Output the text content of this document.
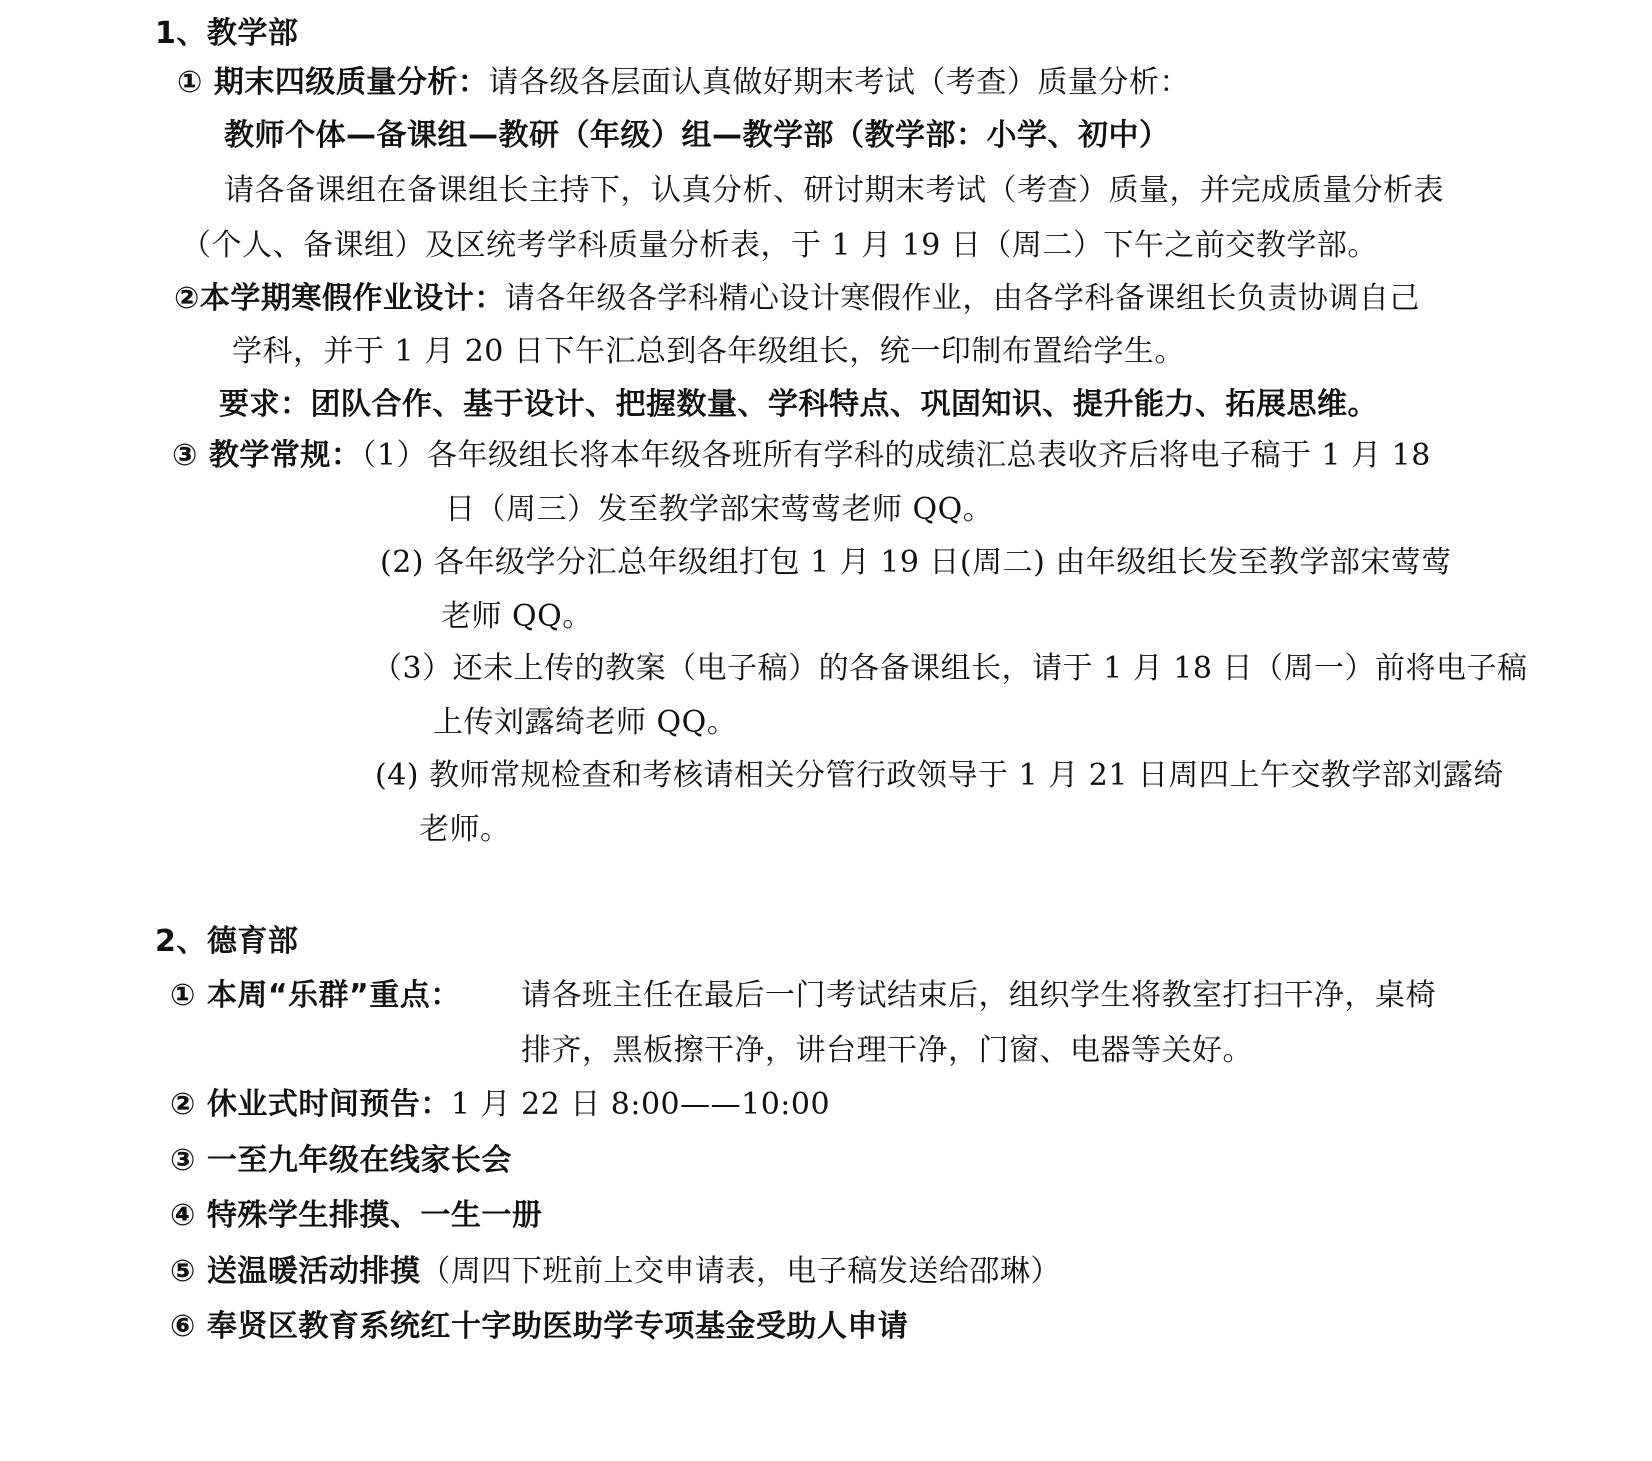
1、教学部
① 期末四级质量分析：请各级各层面认真做好期末考试（考查）质量分析：
教师个体—备课组—教研（年级）组—教学部（教学部：小学、初中）
请各备课组在备课组长主持下，认真分析、研讨期末考试（考查）质量，并完成质量分析表
（个人、备课组）及区统考学科质量分析表，于 1 月 19 日（周二）下午之前交教学部。
②本学期寒假作业设计：请各年级各学科精心设计寒假作业，由各学科备课组长负责协调自己
学科，并于 1 月 20 日下午汇总到各年级组长，统一印制布置给学生。
要求：团队合作、基于设计、把握数量、学科特点、巩固知识、提升能力、拓展思维。
③ 教学常规：（1）各年级组长将本年级各班所有学科的成绩汇总表收齐后将电子稿于 1 月 18
日（周三）发至教学部宋莺莺老师 QQ。
(2) 各年级学分汇总年级组打包 1 月 19 日(周二) 由年级组长发至教学部宋莺莺
老师 QQ。
（3）还未上传的教案（电子稿）的各备课组长，请于 1 月 18 日（周一）前将电子稿
上传刘露绮老师 QQ。
(4) 教师常规检查和考核请相关分管行政领导于 1 月 21 日周四上午交教学部刘露绮
老师。
2、德育部
① 本周“乐群”重点： 请各班主任在最后一门考试结束后，组织学生将教室打扫干净，桌椅
排齐，黑板擦干净，讲台理干净，门窗、电器等关好。
② 休业式时间预告：1 月 22 日 8:00——10:00
③ 一至九年级在线家长会
④ 特殊学生排摸、一生一册
⑤ 送温暖活动排摸（周四下班前上交申请表，电子稿发送给邵琳）
⑥ 奉贤区教育系统红十字助医助学专项基金受助人申请
